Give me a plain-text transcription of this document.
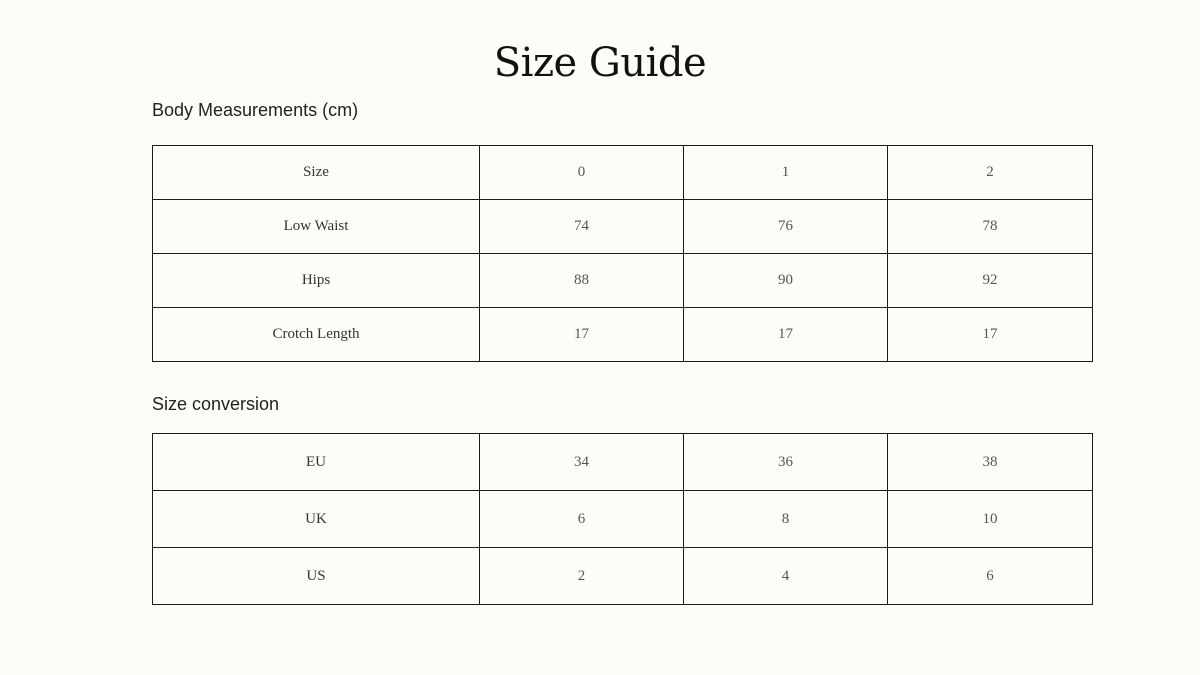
Size Guide
Body Measurements (cm)
Size	0	1	2
Low Waist	74	76	78
Hips	88	90	92
Crotch Length	17	17	17
Size conversion
EU	34	36	38
UK	6	8	10
US	2	4	6
